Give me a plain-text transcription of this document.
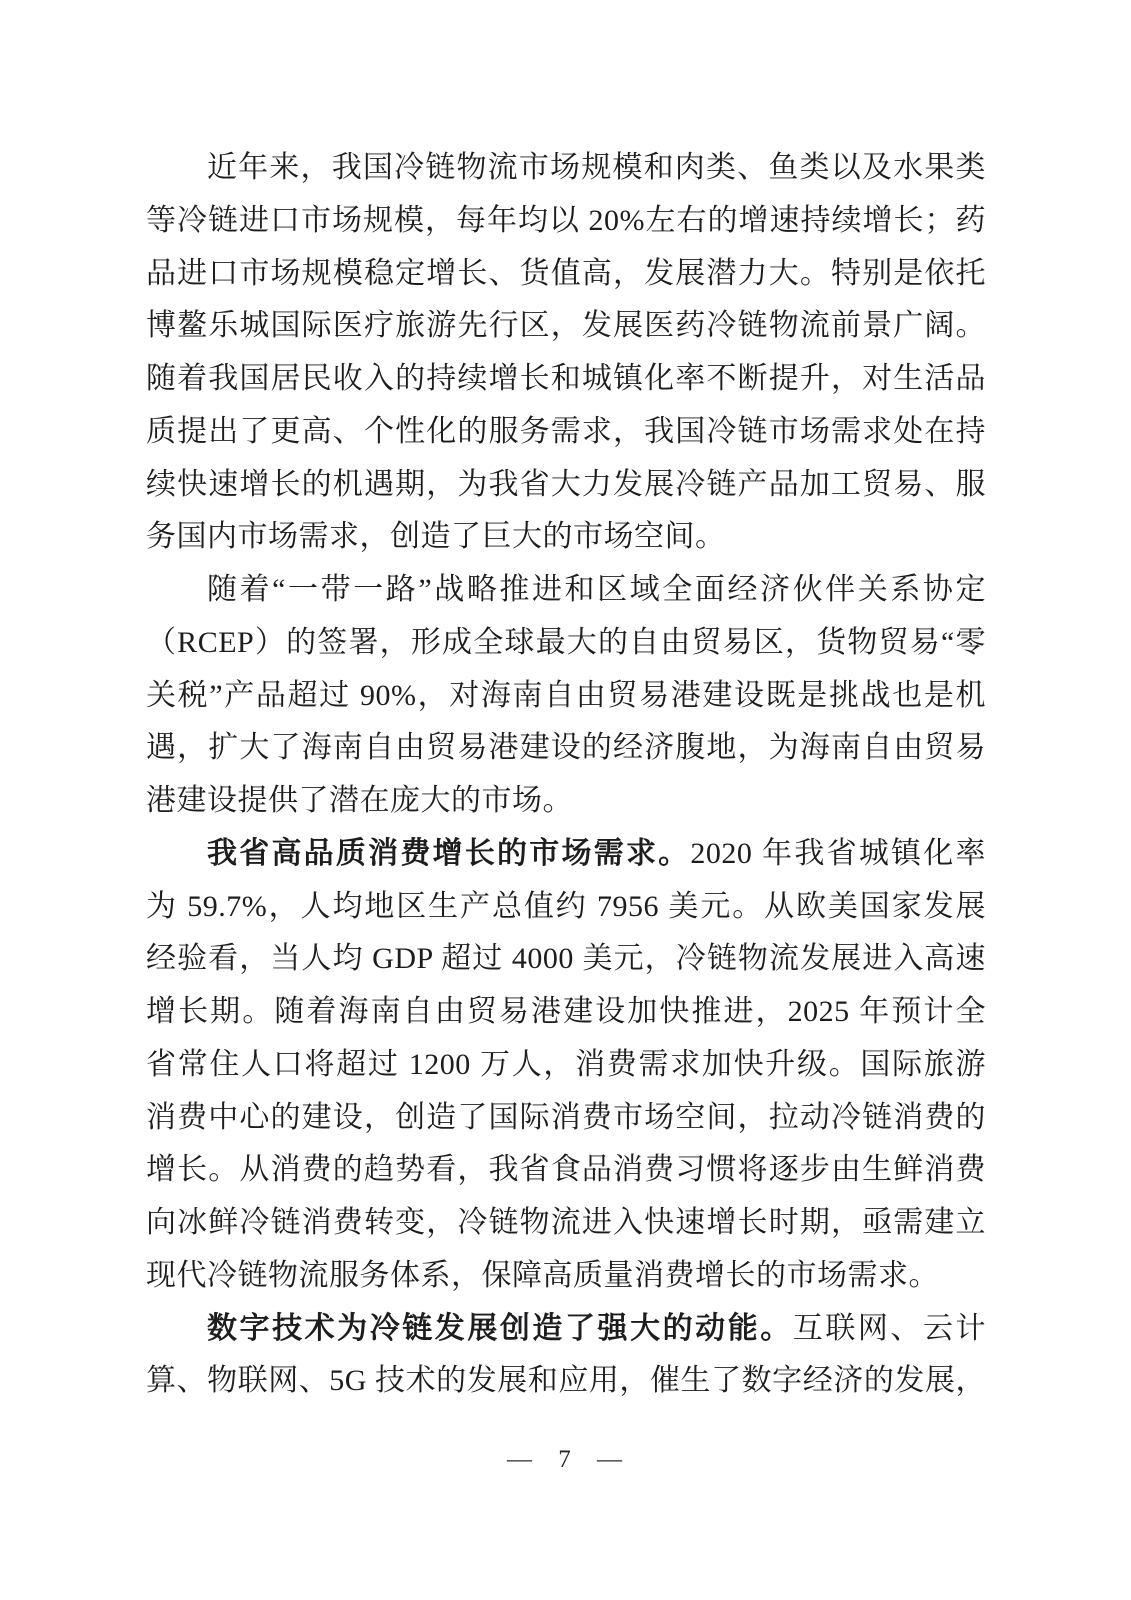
近年来，我国冷链物流市场规模和肉类、鱼类以及水果类
等冷链进口市场规模，每年均以 20%左右的增速持续增长；药
品进口市场规模稳定增长、货值高，发展潜力大。特别是依托
博鳌乐城国际医疗旅游先行区，发展医药冷链物流前景广阔。
随着我国居民收入的持续增长和城镇化率不断提升，对生活品
质提出了更高、个性化的服务需求，我国冷链市场需求处在持
续快速增长的机遇期，为我省大力发展冷链产品加工贸易、服
务国内市场需求，创造了巨大的市场空间。
随着“一带一路”战略推进和区域全面经济伙伴关系协定
（RCEP）的签署，形成全球最大的自由贸易区，货物贸易“零
关税”产品超过 90%，对海南自由贸易港建设既是挑战也是机
遇，扩大了海南自由贸易港建设的经济腹地，为海南自由贸易
港建设提供了潜在庞大的市场。
我省高品质消费增长的市场需求。2020 年我省城镇化率
为 59.7%，人均地区生产总值约 7956 美元。从欧美国家发展
经验看，当人均 GDP 超过 4000 美元，冷链物流发展进入高速
增长期。随着海南自由贸易港建设加快推进，2025 年预计全
省常住人口将超过 1200 万人，消费需求加快升级。国际旅游
消费中心的建设，创造了国际消费市场空间，拉动冷链消费的
增长。从消费的趋势看，我省食品消费习惯将逐步由生鲜消费
向冰鲜冷链消费转变，冷链物流进入快速增长时期，亟需建立
现代冷链物流服务体系，保障高质量消费增长的市场需求。
数字技术为冷链发展创造了强大的动能。互联网、云计
算、物联网、5G 技术的发展和应用，催生了数字经济的发展，
— 7 —
